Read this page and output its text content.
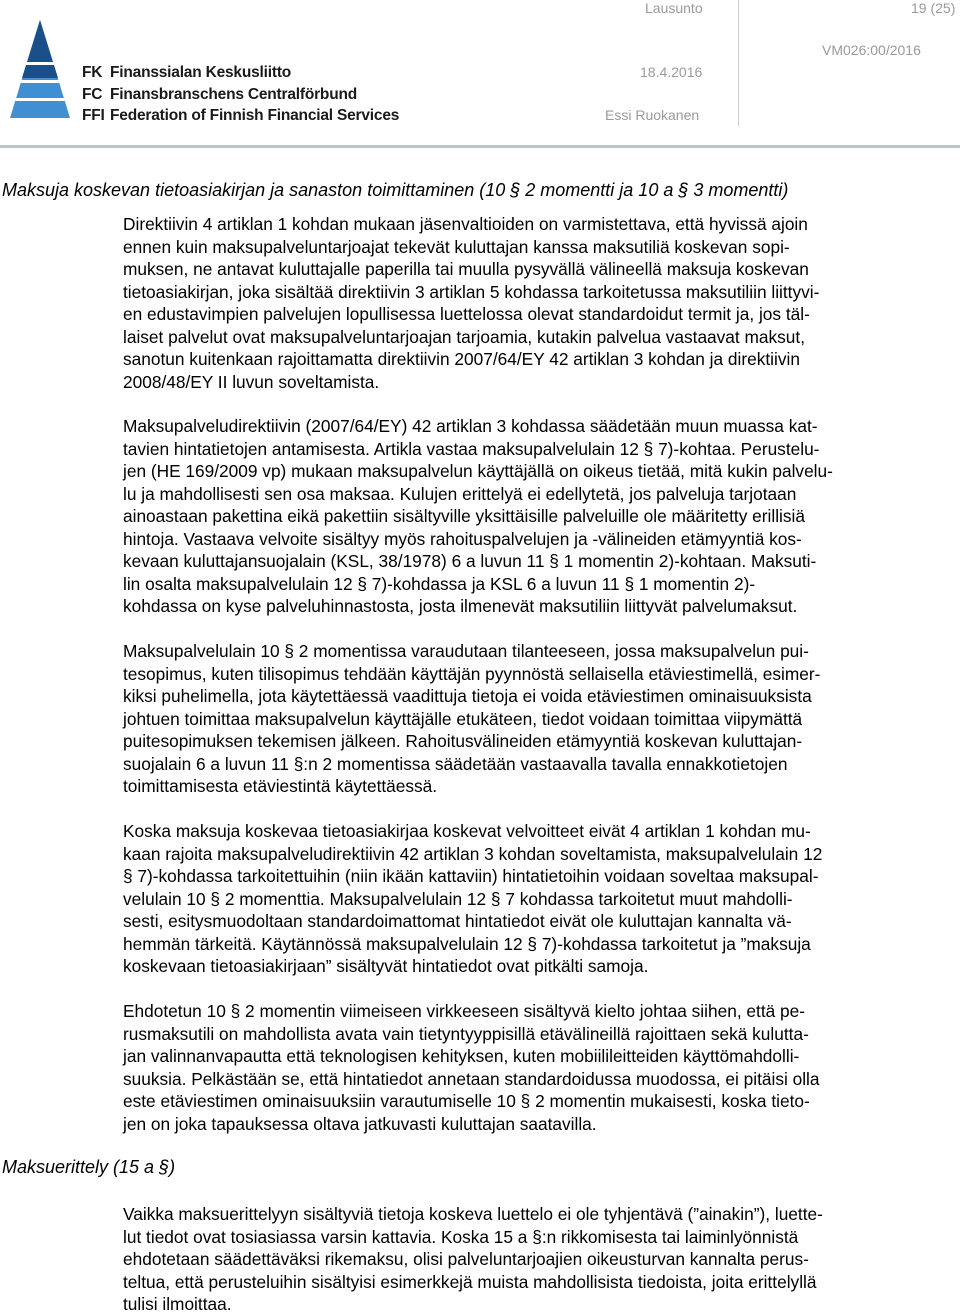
FK Finanssialan Keskusliitto
FC Finansbranschens Centralförbund
FFI Federation of Finnish Financial Services
Lausunto	19 (25)
VM026:00/2016
18.4.2016
Essi Ruokanen
Maksuja koskevan tietoasiakirjan ja sanaston toimittaminen (10 § 2 momentti ja 10 a § 3 momentti)
Direktiivin 4 artiklan 1 kohdan mukaan jäsenvaltioiden on varmistettava, että hyvissä ajoin
ennen kuin maksupalveluntarjoajat tekevät kuluttajan kanssa maksutiliä koskevan sopi-
muksen, ne antavat kuluttajalle paperilla tai muulla pysyvällä välineellä maksuja koskevan
tietoasiakirjan, joka sisältää direktiivin 3 artiklan 5 kohdassa tarkoitetussa maksutiliin liittyvi-
en edustavimpien palvelujen lopullisessa luettelossa olevat standardoidut termit ja, jos täl-
laiset palvelut ovat maksupalveluntarjoajan tarjoamia, kutakin palvelua vastaavat maksut,
sanotun kuitenkaan rajoittamatta direktiivin 2007/64/EY 42 artiklan 3 kohdan ja direktiivin
2008/48/EY II luvun soveltamista.
Maksupalveludirektiivin (2007/64/EY) 42 artiklan 3 kohdassa säädetään muun muassa kat-
tavien hintatietojen antamisesta. Artikla vastaa maksupalvelulain 12 § 7)-kohtaa. Perustelu-
jen (HE 169/2009 vp) mukaan maksupalvelun käyttäjällä on oikeus tietää, mitä kukin palvelu-
lu ja mahdollisesti sen osa maksaa. Kulujen erittelyä ei edellytetä, jos palveluja tarjotaan
ainoastaan pakettina eikä pakettiin sisältyville yksittäisille palveluille ole määritetty erillisiä
hintoja. Vastaava velvoite sisältyy myös rahoituspalvelujen ja -välineiden etämyyntiä kos-
kevaan kuluttajansuojalain (KSL, 38/1978) 6 a luvun 11 § 1 momentin 2)-kohtaan. Maksuti-
lin osalta maksupalvelulain 12 § 7)-kohdassa ja KSL 6 a luvun 11 § 1 momentin 2)-
kohdassa on kyse palveluhinnastosta, josta ilmenevät maksutiliin liittyvät palvelumaksut.
Maksupalvelulain 10 § 2 momentissa varaudutaan tilanteeseen, jossa maksupalvelun pui-
tesopimus, kuten tilisopimus tehdään käyttäjän pyynnöstä sellaisella etäviestimellä, esimer-
kiksi puhelimella, jota käytettäessä vaadittuja tietoja ei voida etäviestimen ominaisuuksista
johtuen toimittaa maksupalvelun käyttäjälle etukäteen, tiedot voidaan toimittaa viipymättä
puitesopimuksen tekemisen jälkeen. Rahoitusvälineiden etämyyntiä koskevan kuluttajan-
suojalain 6 a luvun 11 §:n 2 momentissa säädetään vastaavalla tavalla ennakkotietojen
toimittamisesta etäviestintä käytettäessä.
Koska maksuja koskevaa tietoasiakirjaa koskevat velvoitteet eivät 4 artiklan 1 kohdan mu-
kaan rajoita maksupalveludirektiivin 42 artiklan 3 kohdan soveltamista, maksupalvelulain 12
§ 7)-kohdassa tarkoitettuihin (niin ikään kattaviin) hintatietoihin voidaan soveltaa maksupal-
velulain 10 § 2 momenttia. Maksupalvelulain 12 § 7 kohdassa tarkoitetut muut mahdolli-
sesti, esitysmuodoltaan standardoimattomat hintatiedot eivät ole kuluttajan kannalta vä-
hemmän tärkeitä. Käytännössä maksupalvelulain 12 § 7)-kohdassa tarkoitetut ja ”maksuja
koskevaan tietoasiakirjaan” sisältyvät hintatiedot ovat pitkälti samoja.
Ehdotetun 10 § 2 momentin viimeiseen virkkeeseen sisältyvä kielto johtaa siihen, että pe-
rusmaksutili on mahdollista avata vain tietyntyyppisillä etävälineillä rajoittaen sekä kulutta-
jan valinnanvapautta että teknologisen kehityksen, kuten mobiilileitteiden käyttömahdolli-
suuksia. Pelkästään se, että hintatiedot annetaan standardoidussa muodossa, ei pitäisi olla
este etäviestimen ominaisuuksiin varautumiselle 10 § 2 momentin mukaisesti, koska tieto-
jen on joka tapauksessa oltava jatkuvasti kuluttajan saatavilla.
Maksuerittely (15 a §)
Vaikka maksuerittelyyn sisältyviä tietoja koskeva luettelo ei ole tyhjentävä (”ainakin”), luette-
lut tiedot ovat tosiasiassa varsin kattavia. Koska 15 a §:n rikkomisesta tai laiminlyönnistä
ehdotetaan säädettäväksi rikemaksu, olisi palveluntarjoajien oikeusturvan kannalta perus-
teltua, että perusteluihin sisältyisi esimerkkejä muista mahdollisista tiedoista, joita erittelyllä
tulisi ilmoittaa.
